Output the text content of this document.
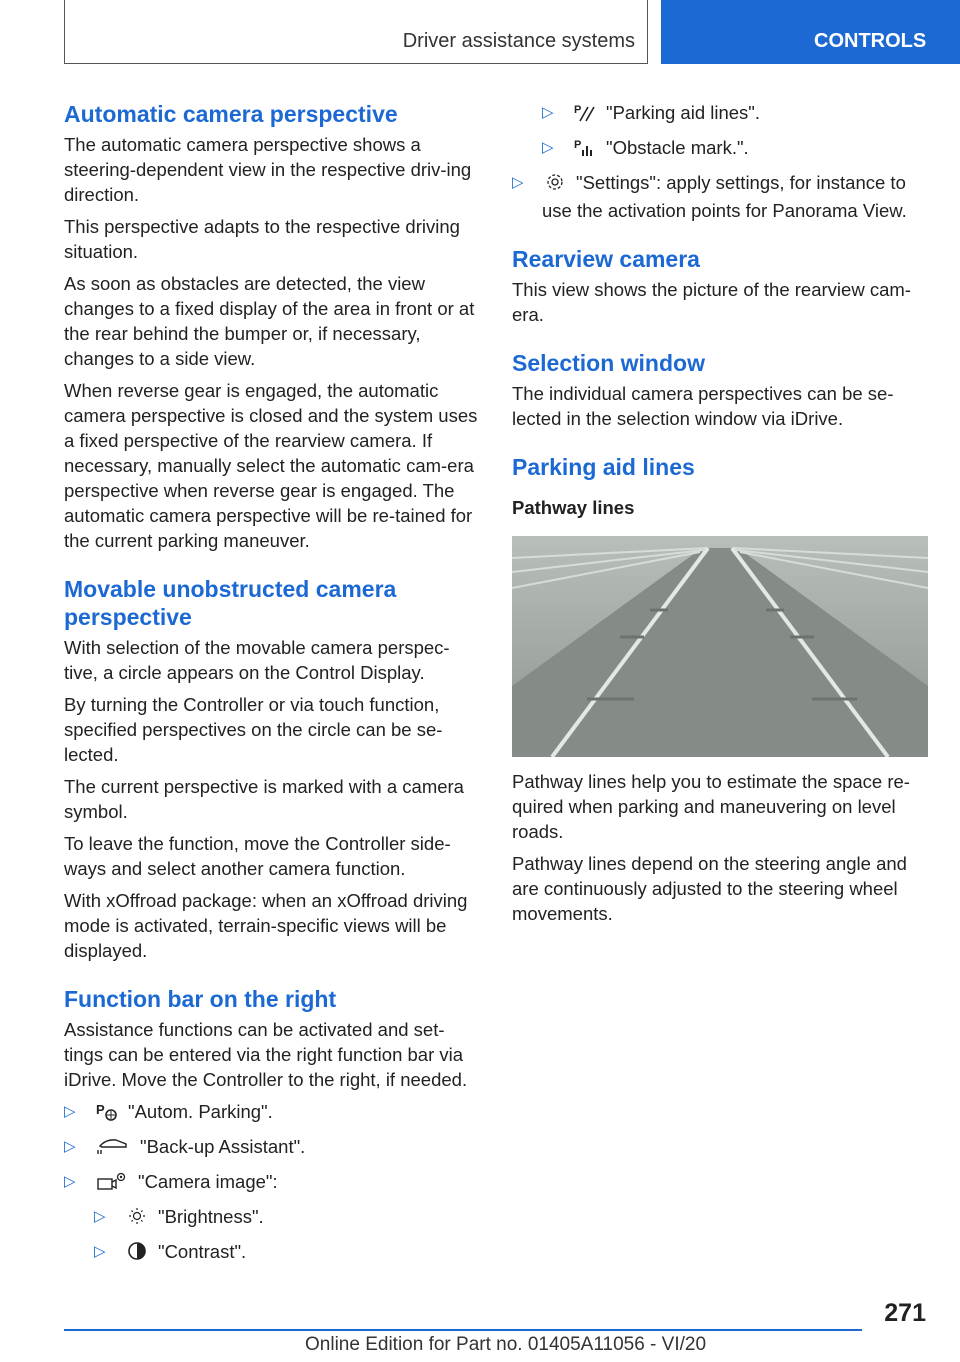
Driver assistance systems	CONTROLS
Automatic camera perspective

The automatic camera perspective shows a steering-dependent view in the respective driv-ing direction.

This perspective adapts to the respective driving situation.

As soon as obstacles are detected, the view changes to a fixed display of the area in front or at the rear behind the bumper or, if necessary, changes to a side view.

When reverse gear is engaged, the automatic camera perspective is closed and the system uses a fixed perspective of the rearview camera. If necessary, manually select the automatic cam-era perspective when reverse gear is engaged. The automatic camera perspective will be re-tained for the current parking maneuver.

Movable unobstructed camera perspective

With selection of the movable camera perspec-tive, a circle appears on the Control Display.

By turning the Controller or via touch function, specified perspectives on the circle can be se-lected.

The current perspective is marked with a camera symbol.

To leave the function, move the Controller side-ways and select another camera function.

With xOffroad package: when an xOffroad driving mode is activated, terrain-specific views will be displayed.

Function bar on the right

Assistance functions can be activated and set-tings can be entered via the right function bar via iDrive. Move the Controller to the right, if needed.

▷ P "Autom. Parking".
▷	"Back-up Assistant".
▷	"Camera image":
▷	"Brightness".
▷	"Contrast".
▷ P "Parking aid lines".
▷ P "Obstacle mark.".
▷	"Settings": apply settings, for instance to use the activation points for Panorama View.
Rearview camera

This view shows the picture of the rearview cam-era.

Selection window

The individual camera perspectives can be se-lected in the selection window via iDrive.

Parking aid lines
Pathway lines

Pathway lines help you to estimate the space re-quired when parking and maneuvering on level roads.

Pathway lines depend on the steering angle and are continuously adjusted to the steering wheel movements.

271
Online Edition for Part no. 01405A11056 - VI/20
